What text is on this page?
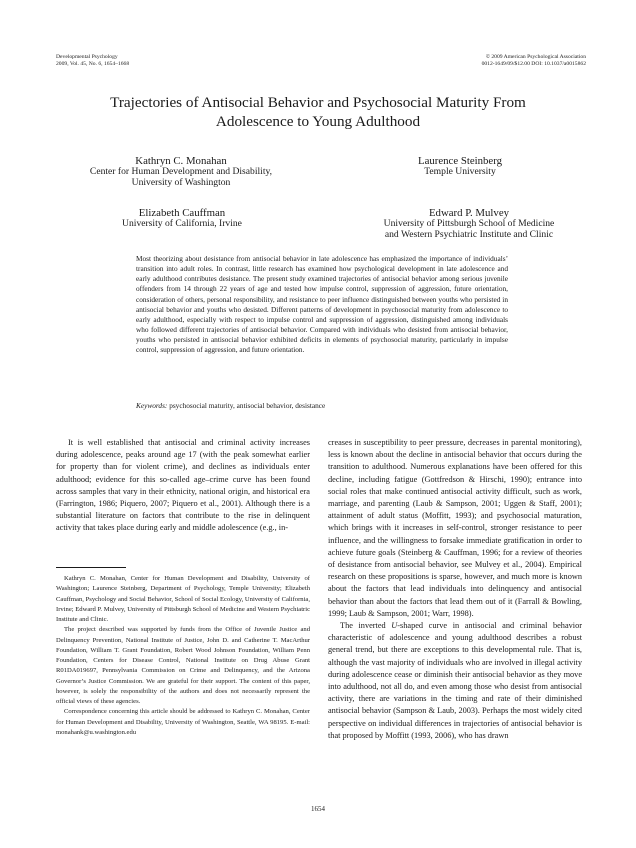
Developmental Psychology
2009, Vol. 45, No. 6, 1654–1668
© 2009 American Psychological Association
0012-1649/09/$12.00 DOI: 10.1037/a0015862
Trajectories of Antisocial Behavior and Psychosocial Maturity From
Adolescence to Young Adulthood
Kathryn C. Monahan
Center for Human Development and Disability,
University of Washington
Laurence Steinberg
Temple University
Elizabeth Cauffman
University of California, Irvine
Edward P. Mulvey
University of Pittsburgh School of Medicine
and Western Psychiatric Institute and Clinic
Most theorizing about desistance from antisocial behavior in late adolescence has emphasized the importance of individuals’ transition into adult roles. In contrast, little research has examined how psychological development in late adolescence and early adulthood contributes desistance. The present study examined trajectories of antisocial behavior among serious juvenile offenders from 14 through 22 years of age and tested how impulse control, suppression of aggression, future orientation, consideration of others, personal responsibility, and resistance to peer influence distinguished between youths who persisted in antisocial behavior and youths who desisted. Different patterns of development in psychosocial maturity from adolescence to early adulthood, especially with respect to impulse control and suppression of aggression, distinguished among individuals who followed different trajectories of antisocial behavior. Compared with individuals who desisted from antisocial behavior, youths who persisted in antisocial behavior exhibited deficits in elements of psychosocial maturity, particularly in impulse control, suppression of aggression, and future orientation.
Keywords: psychosocial maturity, antisocial behavior, desistance

It is well established that antisocial and criminal activity increases during adolescence, peaks around age 17 (with the peak somewhat earlier for property than for violent crime), and declines as individuals enter adulthood; evidence for this so-called age–crime curve has been found across samples that vary in their ethnicity, national origin, and historical era (Farrington, 1986; Piquero, 2007; Piquero et al., 2001). Although there is a substantial literature on factors that contribute to the rise in delinquent activity that takes place during early and middle adolescence (e.g., in-

Kathryn C. Monahan, Center for Human Development and Disability, University of Washington; Laurence Steinberg, Department of Psychology, Temple University; Elizabeth Cauffman, Psychology and Social Behavior, School of Social Ecology, University of California, Irvine; Edward P. Mulvey, University of Pittsburgh School of Medicine and Western Psychiatric Institute and Clinic.

The project described was supported by funds from the Office of Juvenile Justice and Delinquency Prevention, National Institute of Justice, John D. and Catherine T. MacArthur Foundation, William T. Grant Foundation, Robert Wood Johnson Foundation, William Penn Foundation, Centers for Disease Control, National Institute on Drug Abuse Grant R01DA019697, Pennsylvania Commission on Crime and Delinquency, and the Arizona Governor’s Justice Commission. We are grateful for their support. The content of this paper, however, is solely the responsibility of the authors and does not necessarily represent the official views of these agencies.

Correspondence concerning this article should be addressed to Kathryn C. Monahan, Center for Human Development and Disability, University of Washington, Seattle, WA 98195. E-mail: monahank@u.washington.edu

creases in susceptibility to peer pressure, decreases in parental monitoring), less is known about the decline in antisocial behavior that occurs during the transition to adulthood. Numerous explanations have been offered for this decline, including fatigue (Gottfredson & Hirschi, 1990); entrance into social roles that make continued antisocial activity difficult, such as work, marriage, and parenting (Laub & Sampson, 2001; Uggen & Staff, 2001); attainment of adult status (Moffitt, 1993); and psychosocial maturation, which brings with it increases in self-control, stronger resistance to peer influence, and the willingness to forsake immediate gratification in order to achieve future goals (Steinberg & Cauffman, 1996; for a review of theories of desistance from antisocial behavior, see Mulvey et al., 2004). Empirical research on these propositions is sparse, however, and much more is known about the factors that lead individuals into delinquency and antisocial behavior than about the factors that lead them out of it (Farrall & Bowling, 1999; Laub & Sampson, 2001; Warr, 1998).

The inverted U-shaped curve in antisocial and criminal behavior characteristic of adolescence and young adulthood describes a robust general trend, but there are exceptions to this developmental rule. That is, although the vast majority of individuals who are involved in illegal activity during adolescence cease or diminish their antisocial behavior as they move into adulthood, not all do, and even among those who desist from antisocial activity, there are variations in the timing and rate of their diminished antisocial behavior (Sampson & Laub, 2003). Perhaps the most widely cited perspective on individual differences in trajectories of antisocial behavior is that proposed by Moffitt (1993, 2006), who has drawn

1654
